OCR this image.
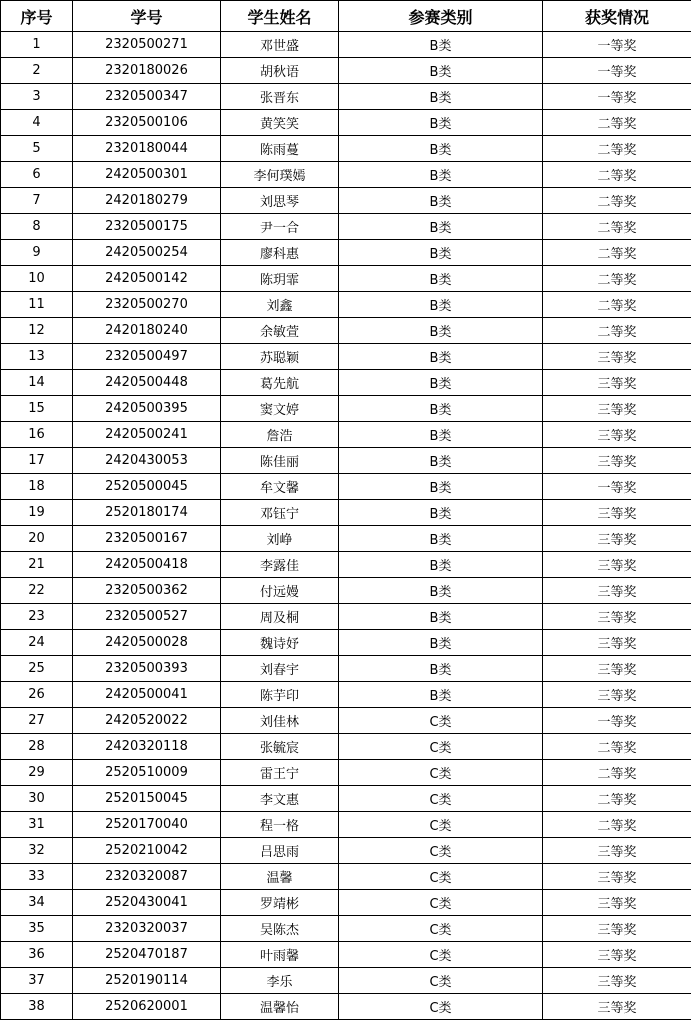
序号	学号	学生姓名	参赛类别	获奖情况
1	2320500271	邓世盛	B类	一等奖
2	2320180026	胡秋语	B类	一等奖
3	2320500347	张晋东	B类	一等奖
4	2320500106	黄笑笑	B类	二等奖
5	2320180044	陈雨蔓	B类	二等奖
6	2420500301	李何璞嫣	B类	二等奖
7	2420180279	刘思琴	B类	二等奖
8	2320500175	尹一合	B类	二等奖
9	2420500254	廖科惠	B类	二等奖
10	2420500142	陈玥霏	B类	二等奖
11	2320500270	刘鑫	B类	二等奖
12	2420180240	余敏萱	B类	二等奖
13	2320500497	苏聪颖	B类	三等奖
14	2420500448	葛先航	B类	三等奖
15	2420500395	窦文婷	B类	三等奖
16	2420500241	詹浩	B类	三等奖
17	2420430053	陈佳丽	B类	三等奖
18	2520500045	牟文馨	B类	一等奖
19	2520180174	邓钰宁	B类	三等奖
20	2320500167	刘峥	B类	三等奖
21	2420500418	李露佳	B类	三等奖
22	2320500362	付远嫚	B类	三等奖
23	2320500527	周及桐	B类	三等奖
24	2420500028	魏诗妤	B类	三等奖
25	2320500393	刘春宇	B类	三等奖
26	2420500041	陈芋印	B类	三等奖
27	2420520022	刘佳林	C类	一等奖
28	2420320118	张毓宸	C类	二等奖
29	2520510009	雷王宁	C类	二等奖
30	2520150045	李文惠	C类	二等奖
31	2520170040	程一格	C类	二等奖
32	2520210042	吕思雨	C类	三等奖
33	2320320087	温馨	C类	三等奖
34	2520430041	罗靖彬	C类	三等奖
35	2320320037	吴陈杰	C类	三等奖
36	2520470187	叶雨馨	C类	三等奖
37	2520190114	李乐	C类	三等奖
38	2520620001	温馨怡	C类	三等奖
